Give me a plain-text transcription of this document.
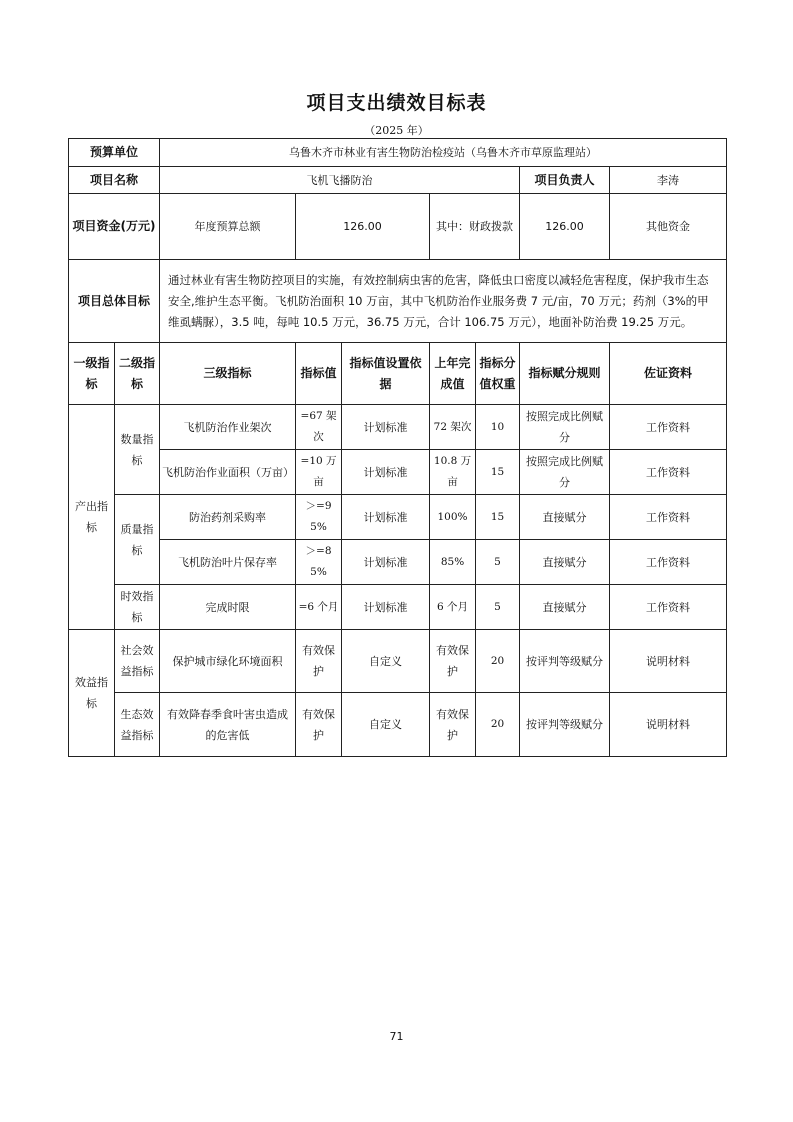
项目支出绩效目标表
（2025 年）
预算单位		乌鲁木齐市林业有害生物防治检疫站（乌鲁木齐市草原监理站）							
项目名称		飞机飞播防治					项目负责人	李涛	
项目资金(万元)		年度预算总额	126.00		其中：财政拨款		126.00	其他资金	
项目总体目标		通过林业有害生物防控项目的实施，有效控制病虫害的危害，降低虫口密度以减轻危害程度，保护我市生态安全,维护生态平衡。飞机防治面积 10 万亩，其中飞机防治作业服务费 7 元/亩，70 万元；药剂（3%的甲维虱螨脲），3.5 吨，每吨 10.5 万元，36.75 万元，合计 106.75 万元），地面补防治费 19.25 万元。							
一级指标	二级指标	三级指标	指标值	指标值设置依据	上年完成值	指标分值权重	指标赋分规则	佐证资料	
产出指标	数量指标	飞机防治作业架次	=67 架次	计划标准	72 架次	10	按照完成比例赋分	工作资料	
		飞机防治作业面积（万亩）	=10 万亩	计划标准	10.8 万亩	15	按照完成比例赋分	工作资料	
	质量指标	防治药剂采购率	＞=95%	计划标准	100%	15	直接赋分	工作资料	
		飞机防治叶片保存率	＞=85%	计划标准	85%	5	直接赋分	工作资料	
	时效指标	完成时限	=6 个月	计划标准	6 个月	5	直接赋分	工作资料	
效益指标	社会效益指标	保护城市绿化环境面积	有效保护	自定义	有效保护	20	按评判等级赋分	说明材料	
	生态效益指标	有效降春季食叶害虫造成的危害低	有效保护	自定义	有效保护	20	按评判等级赋分	说明材料	
71
